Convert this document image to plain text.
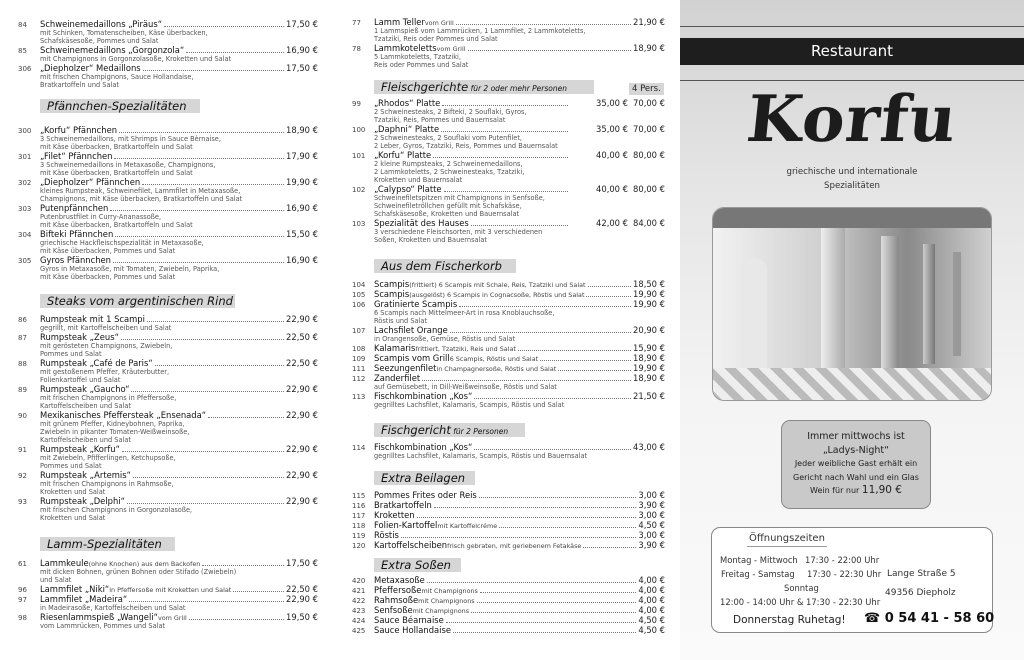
84 Schweinemedaillons „Piräus“	17,50 €
mit Schinken, Tomatenscheiben, Käse überbacken,
Schafskäsesoße, Pommes und Salat
85 Schweinemedaillons „Gorgonzola“	16,90 €
mit Champignons in Gorgonzolasoße, Kroketten und Salat
306 „Diepholzer“ Medaillons	17,50 €
mit frischen Champignons, Sauce Hollandaise,
Bratkartoffeln und Salat
Pfännchen-Spezialitäten
300 „Korfu“ Pfännchen	18,90 €
3 Schweinemedaillons, mit Shrimps in Sauce Bèrnaise,
mit Käse überbacken, Bratkartoffeln und Salat
301 „Filet“ Pfännchen	17,90 €
3 Schweinemedaillons in Metaxasoße, Champignons,
mit Käse überbacken, Bratkartoffeln und Salat
302 „Diepholzer“ Pfännchen	19,90 €
kleines Rumpsteak, Schweinefilet, Lammfilet in Metaxasoße,
Champignons, mit Käse überbacken, Bratkartoffeln und Salat
303 Putenpfännchen	16,90 €
Putenbrustfilet in Curry-Ananassoße,
mit Käse überbacken, Bratkartoffeln und Salat
304 Bifteki Pfännchen	15,50 €
griechische Hackfleischspezialität in Metaxasoße,
mit Käse überbacken, Pommes und Salat
305 Gyros Pfännchen	16,90 €
Gyros in Metaxasoße, mit Tomaten, Zwiebeln, Paprika,
mit Käse überbacken, Pommes und Salat
Steaks vom argentinischen Rind
86 Rumpsteak mit 1 Scampi	22,90 €
gegrillt, mit Kartoffelscheiben und Salat
87 Rumpsteak „Zeus“	22,50 €
mit gerösteten Champignons, Zwiebeln,
Pommes und Salat
88 Rumpsteak „Café de Paris“	22,50 €
mit gestoßenem Pfeffer, Kräuterbutter,
Folienkartoffel und Salat
89 Rumpsteak „Gaucho“	22,90 €
mit frischen Champignons in Pfeffersoße,
Kartoffelscheiben und Salat
90 Mexikanisches Pfeffersteak „Ensenada“	22,90 €
mit grünem Pfeffer, Kidneybohnen, Paprika,
Zwiebeln in pikanter Tomaten-Weißweinsoße,
Kartoffelscheiben und Salat
91 Rumpsteak „Korfu“	22,90 €
mit Zwiebeln, Pfifferlingen, Ketchupsoße,
Pommes und Salat
92 Rumpsteak „Artemis“	22,90 €
mit frischen Champignons in Rahmsoße,
Kroketten und Salat
93 Rumpsteak „Delphi“	22,90 €
mit frischen Champignons in Gorgonzolasoße,
Kroketten und Salat
Lamm-Spezialitäten
61 Lammkeule (ohne Knochen) aus dem Backofen	17,50 €
mit dicken Bohnen, grünen Bohnen oder Stifado (Zwiebeln)
und Salat
96 Lammfilet „Niki“ in Pfeffersoße mit Kroketten und Salat	22,50 €
97 Lammfilet „Madeira“	22,90 €
in Madeirasoße, Kartoffelscheiben und Salat
98 Riesenlammspieß „Wangeli“ vom Grill	19,50 €
vom Lammrücken, Pommes und Salat
77 Lamm Teller vom Grill	21,90 €
1 Lammspieß vom Lammrücken, 1 Lammfilet, 2 Lammkoteletts,
Tzatziki, Reis oder Pommes und Salat
78 Lammkoteletts vom Grill	18,90 €
5 Lammkoteletts, Tzatziki,
Reis oder Pommes und Salat
Fleischgerichte für 2 oder mehr Personen	4 Pers.
99 „Rhodos“ Platte	35,00 € 70,00 €
2 Schweinesteaks, 2 Bifteki, 2 Souflaki, Gyros,
Tzatziki, Reis, Pommes und Bauernsalat
100 „Daphni“ Platte	35,00 € 70,00 €
2 Schweinesteaks, 2 Souflaki vom Putenfilet,
2 Leber, Gyros, Tzatziki, Reis, Pommes und Bauernsalat
101 „Korfu“ Platte	40,00 € 80,00 €
2 kleine Rumpsteaks, 2 Schweinemedaillons,
2 Lammkoteletts, 2 Schweinesteaks, Tzatziki,
Kroketten und Bauernsalat
102 „Calypso“ Platte	40,00 € 80,00 €
Schweinefiletspitzen mit Champignons in Senfsoße,
Schweinefiletröllchen gefüllt mit Schafskäse,
Schafskäsesoße, Kroketten und Bauernsalat
103 Spezialität des Hauses	42,00 € 84,00 €
3 verschiedene Fleischsorten, mit 3 verschiedenen
Soßen, Kroketten und Bauernsalat
Aus dem Fischerkorb
104 Scampis (frittiert) 6 Scampis mit Schale, Reis, Tzatziki und Salat	18,50 €
105 Scampis (ausgelöst) 6 Scampis in Cognacsoße, Röstis und Salat	19,90 €
106 Gratinierte Scampis	19,90 €
6 Scampis nach Mittelmeer-Art in rosa Knoblauchsoße,
Röstis und Salat
107 Lachsfilet Orange	20,90 €
in Orangensoße, Gemüse, Röstis und Salat
108 Kalamaris frittiert, Tzatziki, Reis und Salat	15,90 €
109 Scampis vom Grill 6 Scampis, Röstis und Salat	18,90 €
111 Seezungenfilet in Champagnersoße, Röstis und Salat	19,90 €
112 Zanderfilet	18,90 €
auf Gemüsebett, in Dill-Weißweinsoße, Röstis und Salat
113 Fischkombination „Kos“	21,50 €
gegrilltes Lachsfilet, Kalamaris, Scampis, Röstis und Salat
Fischgericht für 2 Personen
114 Fischkombination „Kos“	43,00 €
gegrilltes Lachsfilet, Kalamaris, Scampis, Röstis und Bauernsalat
Extra Beilagen
115 Pommes Frites oder Reis	3,00 €
116 Bratkartoffeln	3,90 €
117 Kroketten	3,00 €
118 Folien-Kartoffel mit Kartoffelcréme	4,50 €
119 Röstis	3,00 €
120 Kartoffelscheiben frisch gebraten, mit geriebenem Fetakäse	3,90 €
Extra Soßen
420 Metaxasoße	4,00 €
421 Pfeffersoße mit Champignons	4,00 €
422 Rahmsoße mit Champignons	4,00 €
423 Senfsoße mit Champignons	4,00 €
424 Sauce Béarnaise	4,50 €
425 Sauce Hollandaise	4,50 €
Restaurant
Korfu
griechische und internationale
Spezialitäten
Immer mittwochs ist
„Ladys-Night“
Jeder weibliche Gast erhält ein
Gericht nach Wahl und ein Glas
Wein für nur 11,90 €
Öffnungszeiten
Montag - Mittwoch 17:30 - 22:00 Uhr
Freitag - Samstag 17:30 - 22:30 Uhr
Sonntag
12:00 - 14:00 Uhr & 17:30 - 22:30 Uhr
Lange Straße 5
49356 Diepholz
Donnerstag Ruhetag! ☎ 0 54 41 - 58 60
